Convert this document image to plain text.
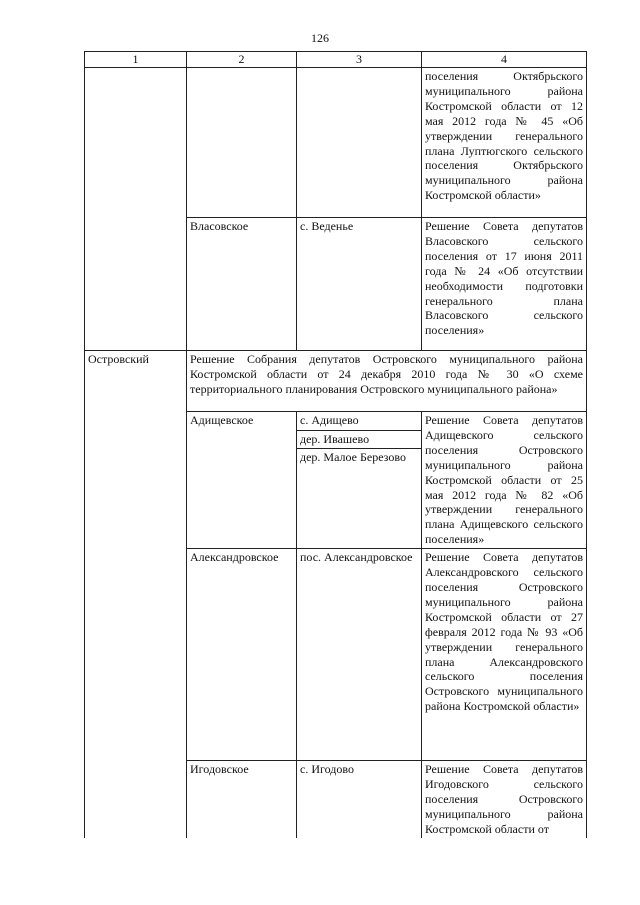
126
1	2	3	4
			поселения Октябрьского муниципального района Костромской области от 12 мая 2012 года № 45 «Об утверждении генерального плана Луптюгского сельского поселения Октябрьского муниципального района Костромской области»
	Власовское	с. Веденье	Решение Совета депутатов Власовского сельского поселения от 17 июня 2011 года № 24 «Об отсутствии необходимости подготовки генерального плана Власовского сельского поселения»
Островский	Решение Собрания депутатов Островского муниципального района Костромской области от 24 декабря 2010 года № 30 «О схеме территориального планирования Островского муниципального района»		
	Адищевское	с. Адищево	Решение Совета депутатов Адищевского сельского поселения Островского муниципального района Костромской области от 25 мая 2012 года № 82 «Об утверждении генерального плана Адищевского сельского поселения»
		дер. Ивашево	
		дер. Малое Березово	
	Александровское	пос. Александровское	Решение Совета депутатов Александровского сельского поселения Островского муниципального района Костромской области от 27 февраля 2012 года № 93 «Об утверждении генерального плана Александровского сельского поселения Островского муниципального района Костромской области»
	Игодовское	с. Игодово	Решение Совета депутатов Игодовского сельского поселения Островского муниципального района Костромской области от
